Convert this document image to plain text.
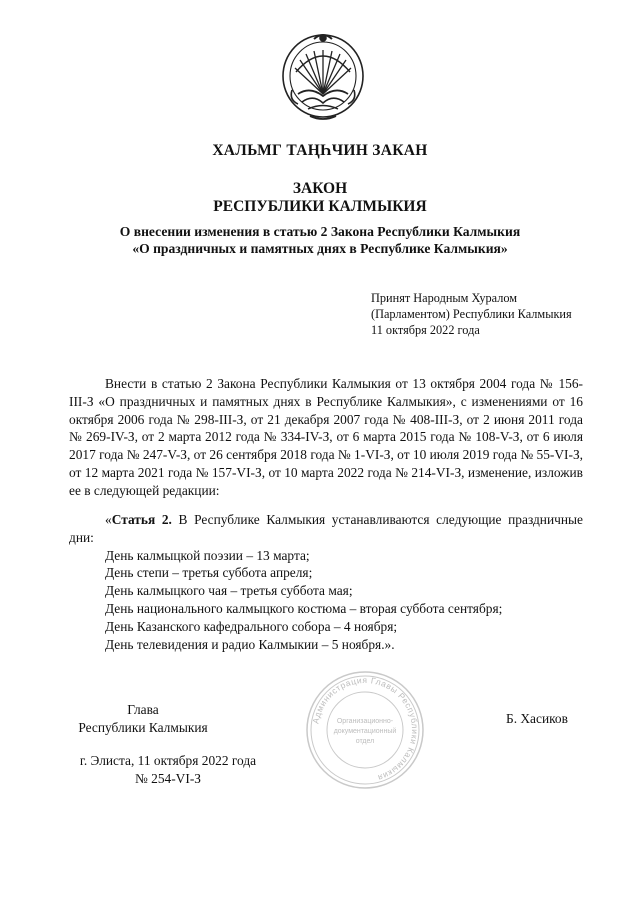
ХАЛЬМГ ТАҢҺЧИН ЗАКАН
ЗАКОН
РЕСПУБЛИКИ КАЛМЫКИЯ
О внесении изменения в статью 2 Закона Республики Калмыкия
«О праздничных и памятных днях в Республике Калмыкия»
Принят Народным Хуралом
(Парламентом) Республики Калмыкия
11 октября 2022 года
Внести в статью 2 Закона Республики Калмыкия от 13 октября 2004 года № 156-III-З «О праздничных и памятных днях в Республике Калмыкия», с изменениями от 16 октября 2006 года № 298-III-З, от 21 декабря 2007 года № 408-III-З, от 2 июня 2011 года № 269-IV-З, от 2 марта 2012 года № 334-IV-З, от 6 марта 2015 года № 108-V-З, от 6 июля 2017 года № 247-V-З, от 26 сентября 2018 года № 1-VI-З, от 10 июля 2019 года № 55-VI-З, от 12 марта 2021 года № 157-VI-З, от 10 марта 2022 года № 214-VI-З, изменение, изложив ее в следующей редакции:

«Статья 2. В Республике Калмыкия устанавливаются следующие праздничные дни:

День калмыцкой поэзии – 13 марта;

День степи – третья суббота апреля;

День калмыцкого чая – третья суббота мая;

День национального калмыцкого костюма – вторая суббота сентября;

День Казанского кафедрального собора – 4 ноября;

День телевидения и радио Калмыкии – 5 ноября.».

Глава
Республики Калмыкия	Администрация Главы Республики Калмыкия
Организационно-
документационный
отдел
Б. Хасиков
г. Элиста, 11 октября 2022 года
№ 254-VI-З
